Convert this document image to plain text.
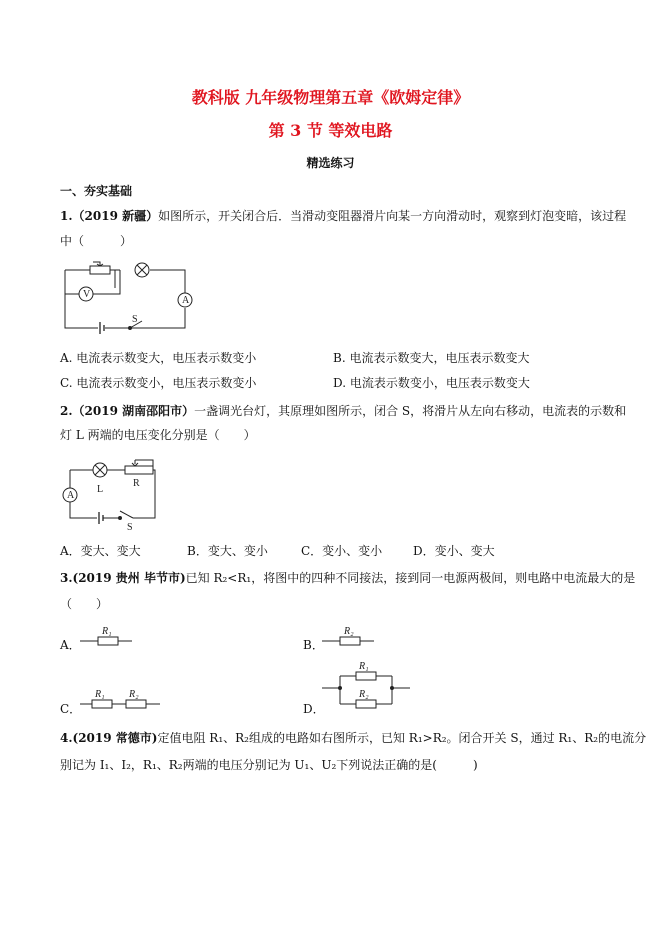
教科版 九年级物理第五章《欧姆定律》
第 3 节 等效电路
精选练习
一、夯实基础
1.（2019 新疆）如图所示，开关闭合后．当滑动变阻器滑片向某一方向滑动时，观察到灯泡变暗，该过程
中（　　　）
V
A
S
A. 电流表示数变大，电压表示数变小	B. 电流表示数变大，电压表示数变大
C. 电流表示数变小，电压表示数变小	D. 电流表示数变小，电压表示数变大
2.（2019 湖南邵阳市）一盏调光台灯，其原理如图所示，闭合 S，将滑片从左向右移动，电流表的示数和
灯 L 两端的电压变化分别是（　　）
A
L
R
S
A．变大、变大	B．变大、变小	C．变小、变小	D．变小、变大
3.(2019 贵州 毕节市)已知 R₂<R₁，将图中的四种不同接法，接到同一电源两极间，则电路中电流最大的是
（　　）
A．
R₁
B．
R₂
C．
R₁ R₂
D．
R₁
R₂
4.(2019 常德市)定值电阻 R₁、R₂组成的电路如右图所示，已知 R₁>R₂。闭合开关 S，通过 R₁、R₂的电流分
别记为 I₁、I₂，R₁、R₂两端的电压分别记为 U₁、U₂下列说法正确的是(　　　)
